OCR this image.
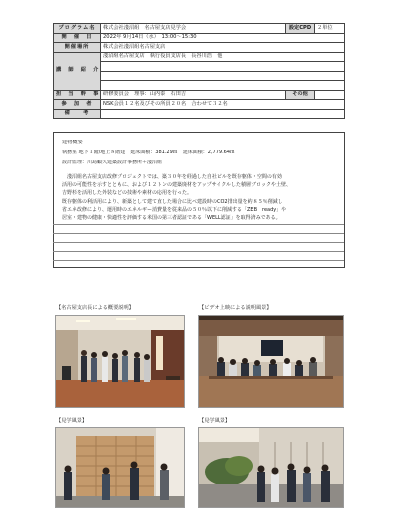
プログラム名	株式会社淺沼組　名古屋支店見学会	設定CPD	２単位
開　催　日	2022年 9月14日（水）　13:00～15:30		
開催場所	株式会社淺沼組名古屋支店		
講　師　紹　介	淺沼組名古屋支店　執行役員支店長　長谷川浩　他		

担　当　幹　事	研修委員会　理事：山内泰　石田吉	その他	
参　加　者	NSK会員１２名及びその所員２０名　合わせて３２名		
備　　考			
建物概要
執務室 地下１階/地上８階建　延床面積：381.29㎡　延床面積：2,779.64㎡
設計監理：川島顧久建築設計事務所＋淺沼組
　淺沼組名古屋支店改修プロジェクトでは、築３０年を経過した自社ビルを既存躯体・空間の有効
活用の可能性を示すとともに、および１２トンの建築廃材をアップサイクルした積層ブロックや土壁、
吉野杉を活用した外装などの技術や素材の応用を行った。
既存躯体の利活用により、新築として建て直した場合に比べ建設時のCO2排出量を約８５％削減し
省エネ改修により、運用時のエネルギー消費量を従来品の５０％以下に削減する「ZEB　ready」や
居室・建物の健康・快適性を評価する米国の第三者認証である「WELL認証」を取得済みである。
【名古屋支店長による概要説明】	【ビデオ上映による説明風景】
【見学風景】	【見学風景】
